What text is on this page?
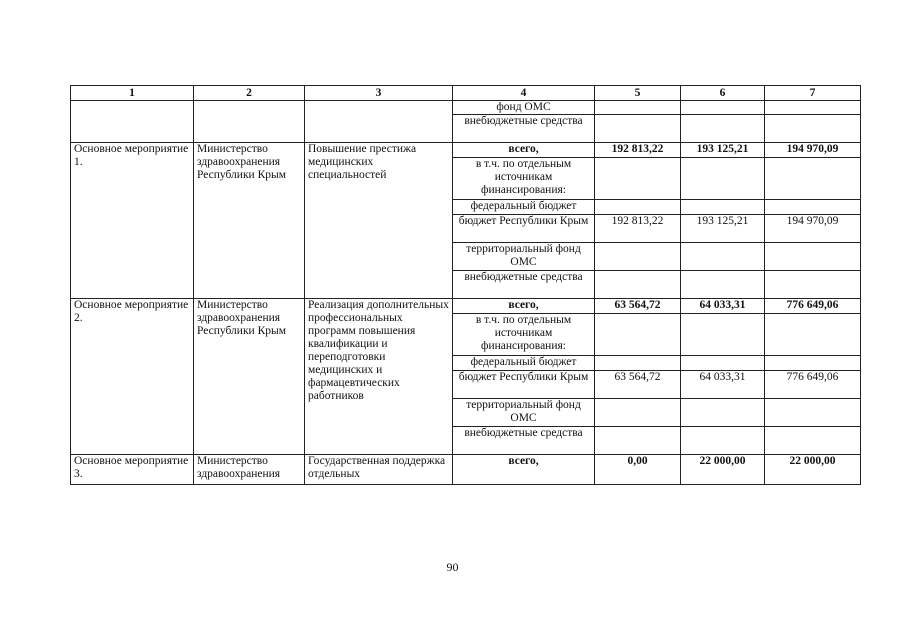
1	2	3	4	5	6	7
			фонд ОМС			
			внебюджетные средства			
Основное мероприятие 1.	Министерство здравоохранения Республики Крым	Повышение престижа медицинских специальностей	всего,	192 813,22	193 125,21	194 970,09
			в т.ч. по отдельным источникам финансирования:			
			федеральный бюджет			
			бюджет Республики Крым	192 813,22	193 125,21	194 970,09
			территориальный фонд ОМС			
			внебюджетные средства			
Основное мероприятие 2.	Министерство здравоохранения Республики Крым	Реализация дополнительных профессиональных программ повышения квалификации и переподготовки медицинских и фармацевтических работников	всего,	63 564,72	64 033,31	776 649,06
			в т.ч. по отдельным источникам финансирования:			
			федеральный бюджет			
			бюджет Республики Крым	63 564,72	64 033,31	776 649,06
			территориальный фонд ОМС			
			внебюджетные средства			
Основное мероприятие 3.	Министерство здравоохранения	Государственная поддержка отдельных	всего,	0,00	22 000,00	22 000,00
90
